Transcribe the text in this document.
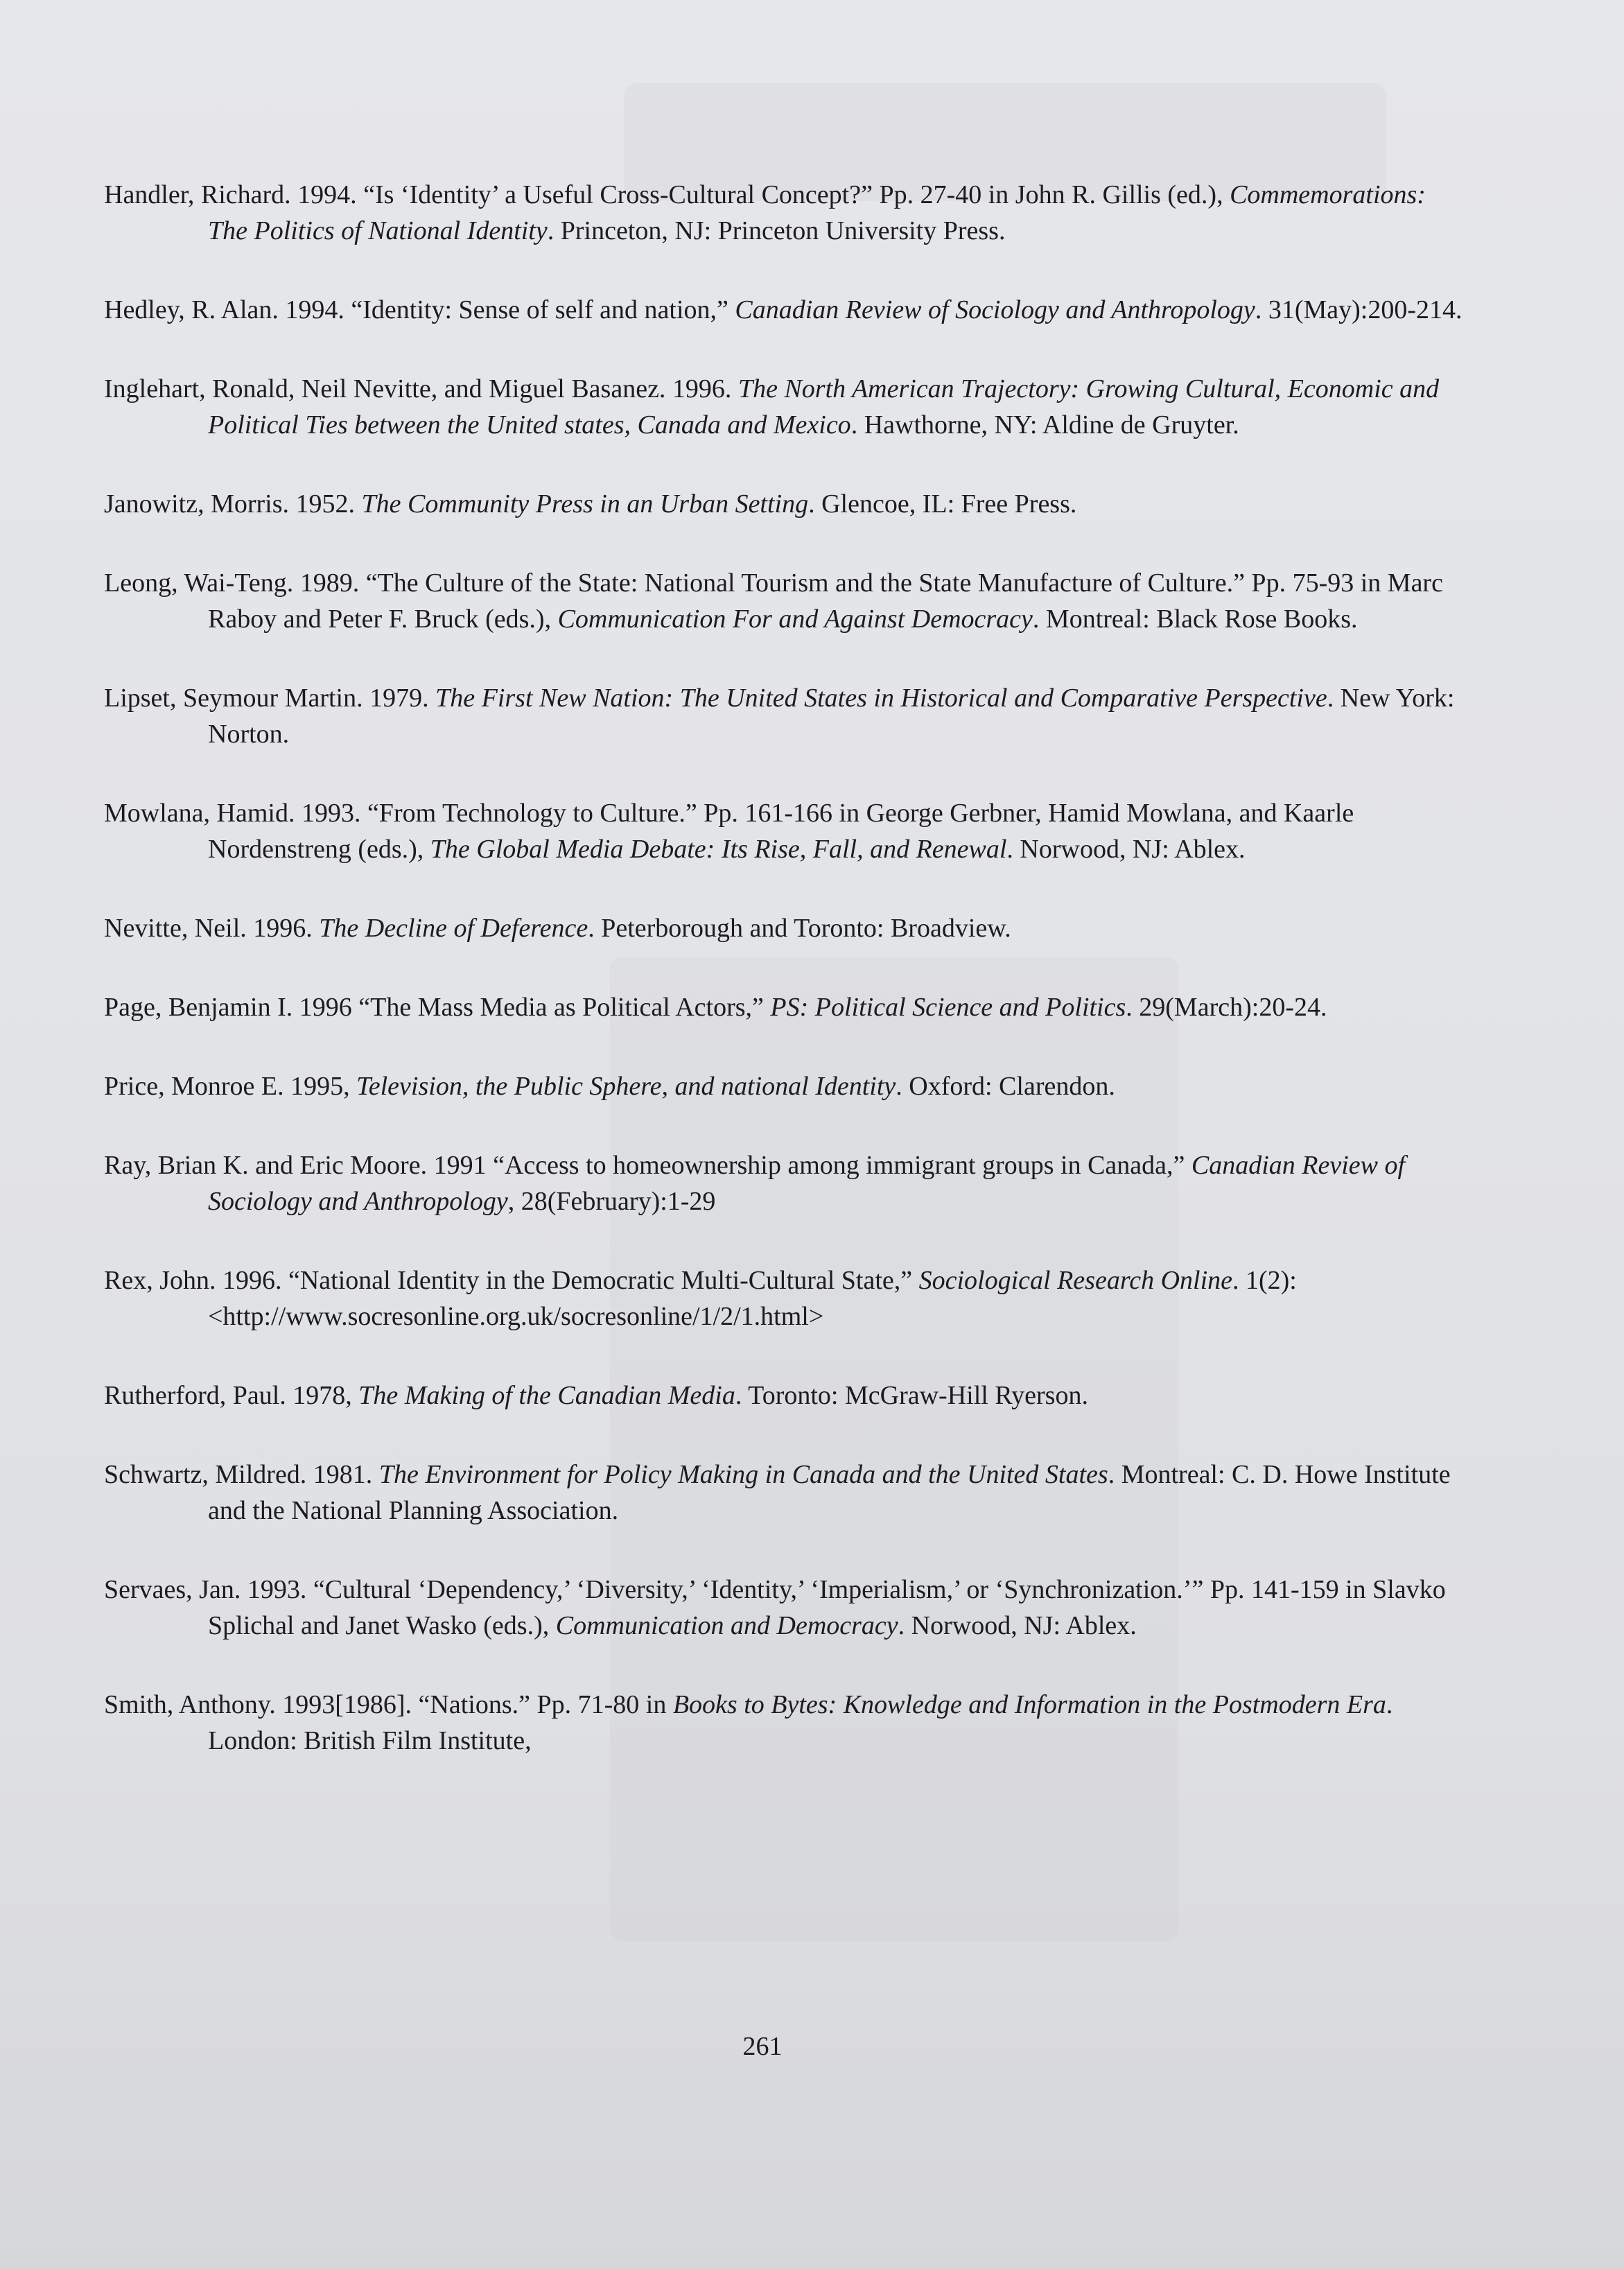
Handler, Richard. 1994. “Is ‘Identity’ a Useful Cross-Cultural Concept?” Pp. 27-40 in John R. Gillis (ed.), Commemorations: The Politics of National Identity. Princeton, NJ: Princeton University Press.

Hedley, R. Alan. 1994. “Identity: Sense of self and nation,” Canadian Review of Sociology and Anthropology. 31(May):200-214.

Inglehart, Ronald, Neil Nevitte, and Miguel Basanez. 1996. The North American Trajectory: Growing Cultural, Economic and Political Ties between the United states, Canada and Mexico. Hawthorne, NY: Aldine de Gruyter.

Janowitz, Morris. 1952. The Community Press in an Urban Setting. Glencoe, IL: Free Press.

Leong, Wai-Teng. 1989. “The Culture of the State: National Tourism and the State Manufacture of Culture.” Pp. 75-93 in Marc Raboy and Peter F. Bruck (eds.), Communication For and Against Democracy. Montreal: Black Rose Books.

Lipset, Seymour Martin. 1979. The First New Nation: The United States in Historical and Comparative Perspective. New York: Norton.

Mowlana, Hamid. 1993. “From Technology to Culture.” Pp. 161-166 in George Gerbner, Hamid Mowlana, and Kaarle Nordenstreng (eds.), The Global Media Debate: Its Rise, Fall, and Renewal. Norwood, NJ: Ablex.

Nevitte, Neil. 1996. The Decline of Deference. Peterborough and Toronto: Broadview.

Page, Benjamin I. 1996 “The Mass Media as Political Actors,” PS: Political Science and Politics. 29(March):20-24.

Price, Monroe E. 1995, Television, the Public Sphere, and national Identity. Oxford: Clarendon.

Ray, Brian K. and Eric Moore. 1991 “Access to homeownership among immigrant groups in Canada,” Canadian Review of Sociology and Anthropology, 28(February):1-29

Rex, John. 1996. “National Identity in the Democratic Multi-Cultural State,” Sociological Research Online. 1(2):<http://www.socresonline.org.uk/socresonline/1/2/1.html>

Rutherford, Paul. 1978, The Making of the Canadian Media. Toronto: McGraw-Hill Ryerson.

Schwartz, Mildred. 1981. The Environment for Policy Making in Canada and the United States. Montreal: C. D. Howe Institute and the National Planning Association.

Servaes, Jan. 1993. “Cultural ‘Dependency,’ ‘Diversity,’ ‘Identity,’ ‘Imperialism,’ or ‘Synchronization.’” Pp. 141-159 in Slavko Splichal and Janet Wasko (eds.), Communication and Democracy. Norwood, NJ: Ablex.

Smith, Anthony. 1993[1986]. “Nations.” Pp. 71-80 in Books to Bytes: Knowledge and Information in the Postmodern Era. London: British Film Institute,

261
